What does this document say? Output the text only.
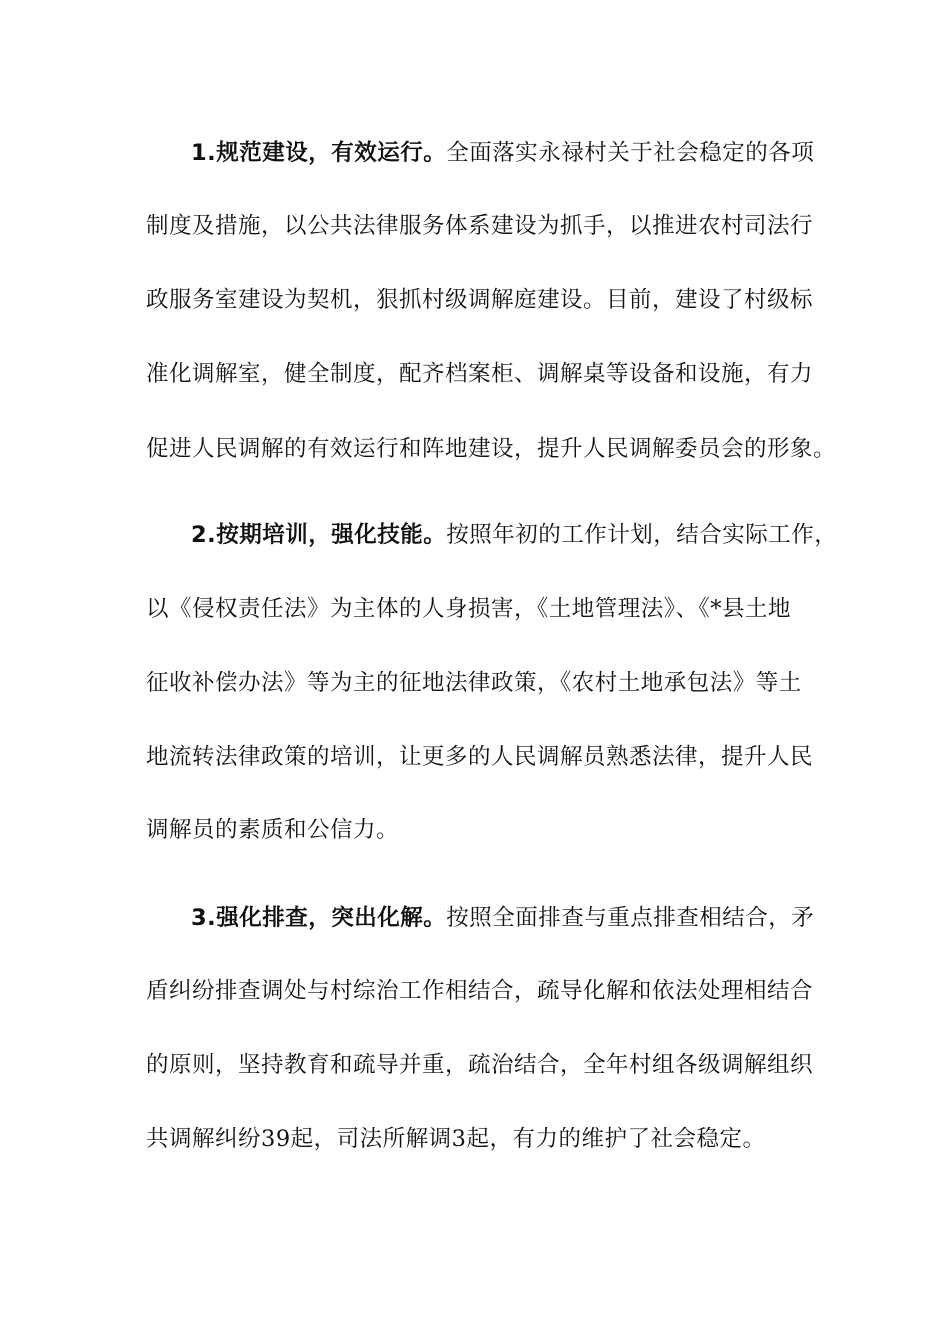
1.规范建设，有效运行。全面落实永禄村关于社会稳定的各项
制度及措施，以公共法律服务体系建设为抓手，以推进农村司法行
政服务室建设为契机，狠抓村级调解庭建设。目前，建设了村级标
准化调解室，健全制度，配齐档案柜、调解桌等设备和设施，有力
促进人民调解的有效运行和阵地建设，提升人民调解委员会的形象。
2.按期培训，强化技能。按照年初的工作计划，结合实际工作，
以《侵权责任法》为主体的人身损害，《土地管理法》、《*县土地
征收补偿办法》等为主的征地法律政策，《农村土地承包法》等土
地流转法律政策的培训，让更多的人民调解员熟悉法律，提升人民
调解员的素质和公信力。
3.强化排查，突出化解。按照全面排查与重点排查相结合，矛
盾纠纷排查调处与村综治工作相结合，疏导化解和依法处理相结合
的原则，坚持教育和疏导并重，疏治结合，全年村组各级调解组织
共调解纠纷39起，司法所解调3起，有力的维护了社会稳定。
